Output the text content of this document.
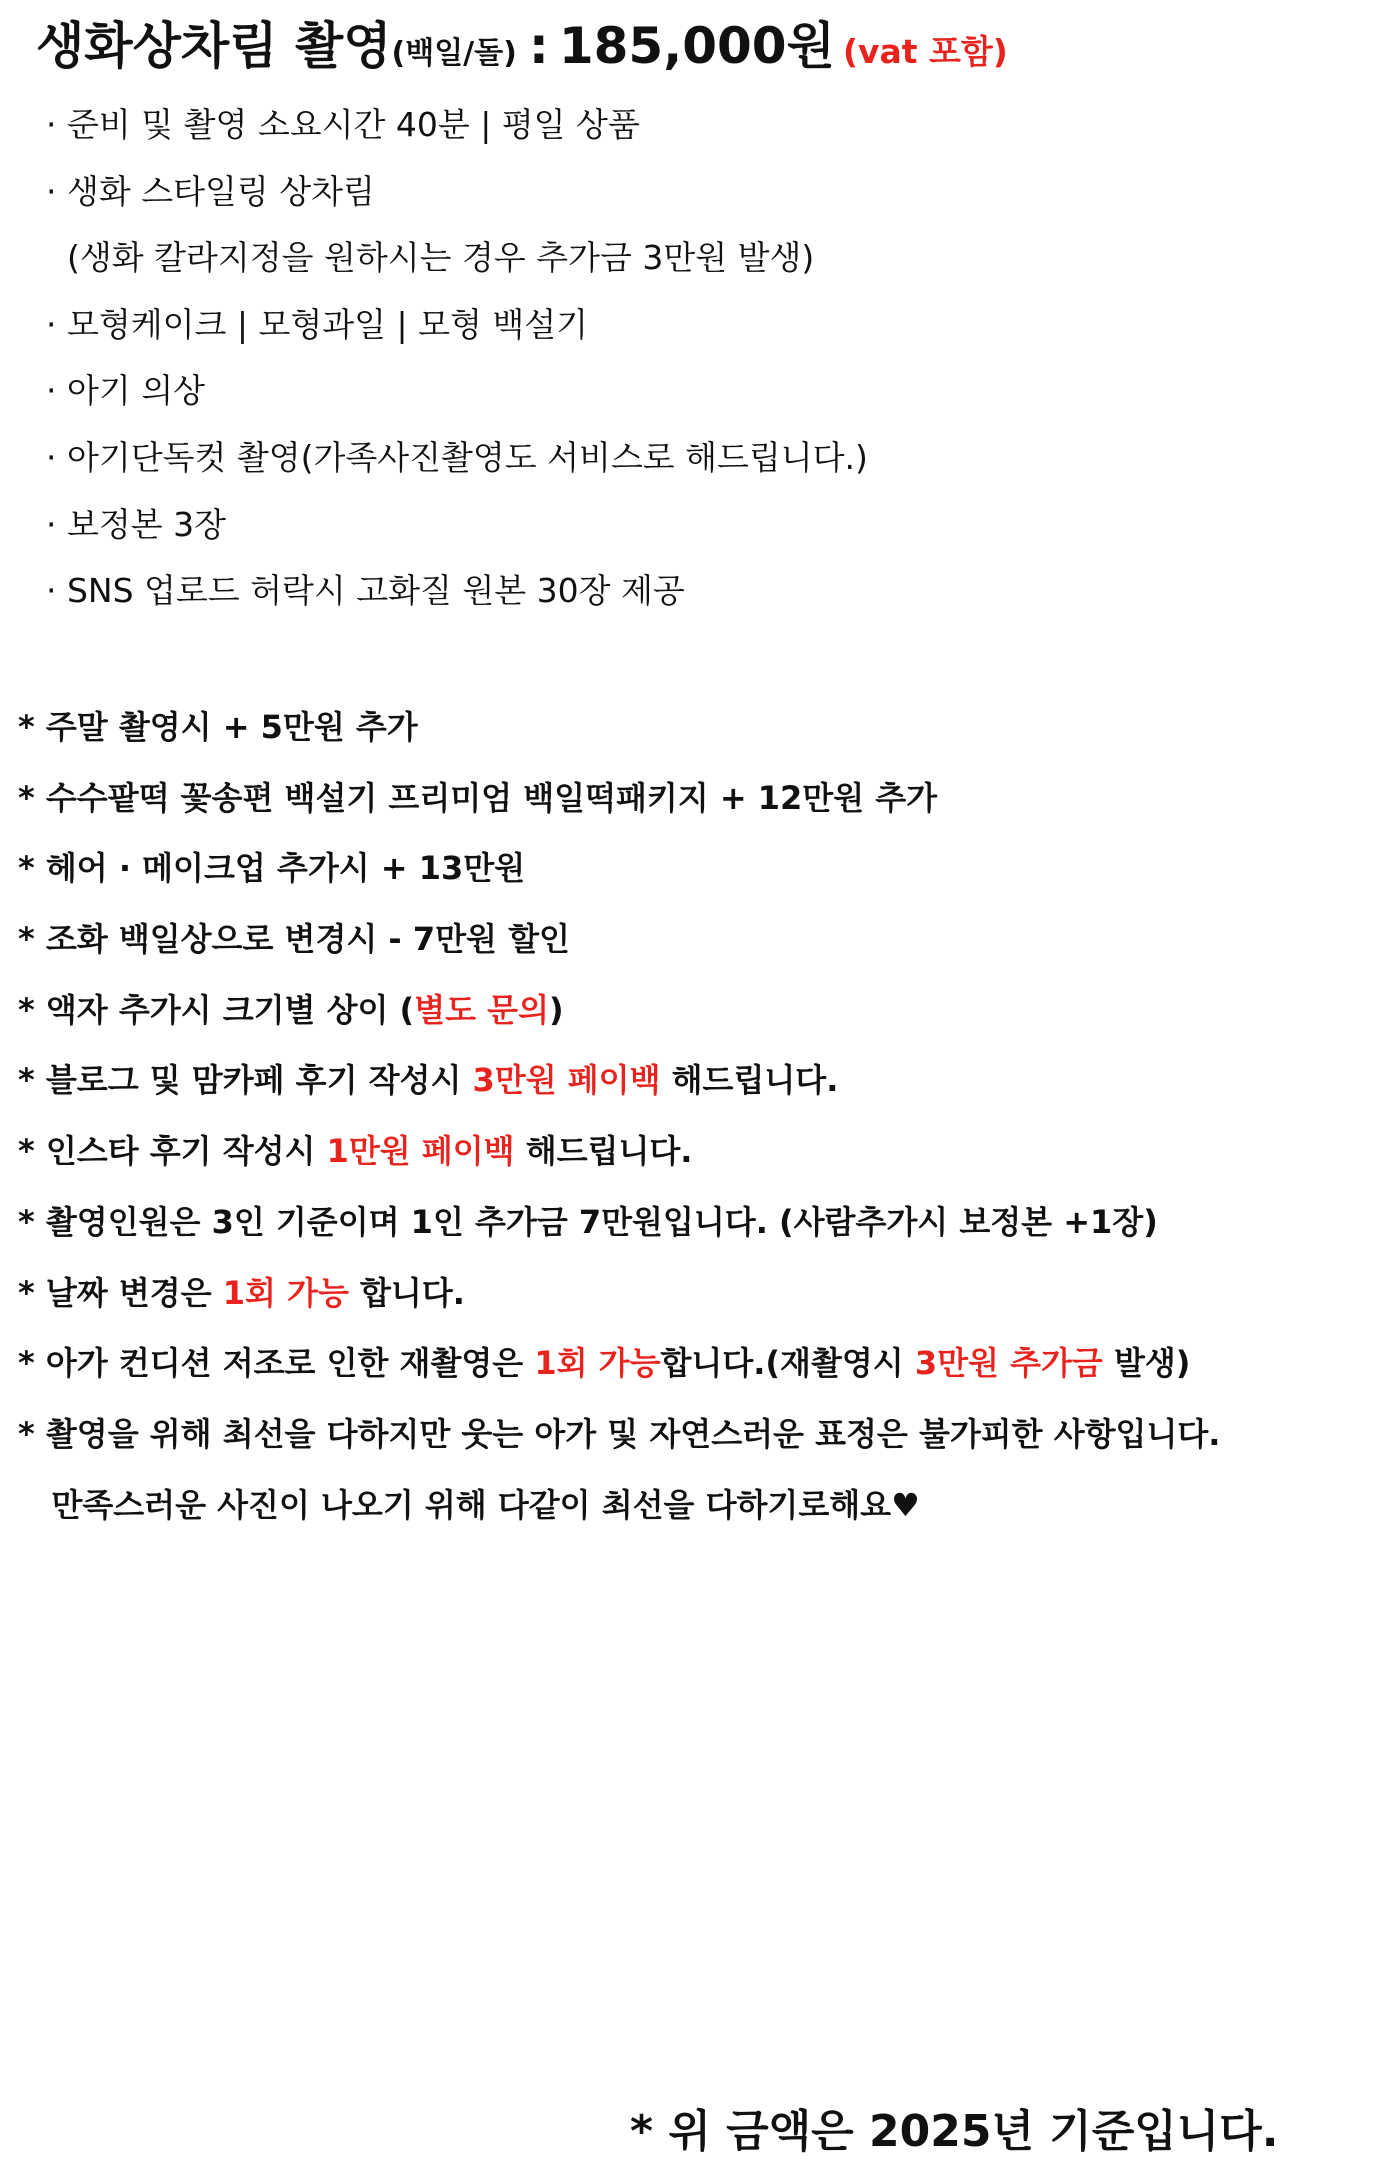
생화상차림 촬영(백일/돌) : 185,000원 (vat 포함)
· 준비 및 촬영 소요시간 40분 | 평일 상품
· 생화 스타일링 상차림
(생화 칼라지정을 원하시는 경우 추가금 3만원 발생)
· 모형케이크 | 모형과일 | 모형 백설기
· 아기 의상
· 아기단독컷 촬영(가족사진촬영도 서비스로 해드립니다.)
· 보정본 3장
· SNS 업로드 허락시 고화질 원본 30장 제공
* 주말 촬영시 + 5만원 추가
* 수수팥떡 꽃송편 백설기 프리미엄 백일떡패키지 + 12만원 추가
* 헤어 · 메이크업 추가시 + 13만원
* 조화 백일상으로 변경시 - 7만원 할인
* 액자 추가시 크기별 상이 (별도 문의)
* 블로그 및 맘카페 후기 작성시 3만원 페이백 해드립니다.
* 인스타 후기 작성시 1만원 페이백 해드립니다.
* 촬영인원은 3인 기준이며 1인 추가금 7만원입니다. (사람추가시 보정본 +1장)
* 날짜 변경은 1회 가능 합니다.
* 아가 컨디션 저조로 인한 재촬영은 1회 가능합니다.(재촬영시 3만원 추가금 발생)
* 촬영을 위해 최선을 다하지만 웃는 아가 및 자연스러운 표정은 불가피한 사항입니다.
만족스러운 사진이 나오기 위해 다같이 최선을 다하기로해요♥

* 위 금액은 2025년 기준입니다.
